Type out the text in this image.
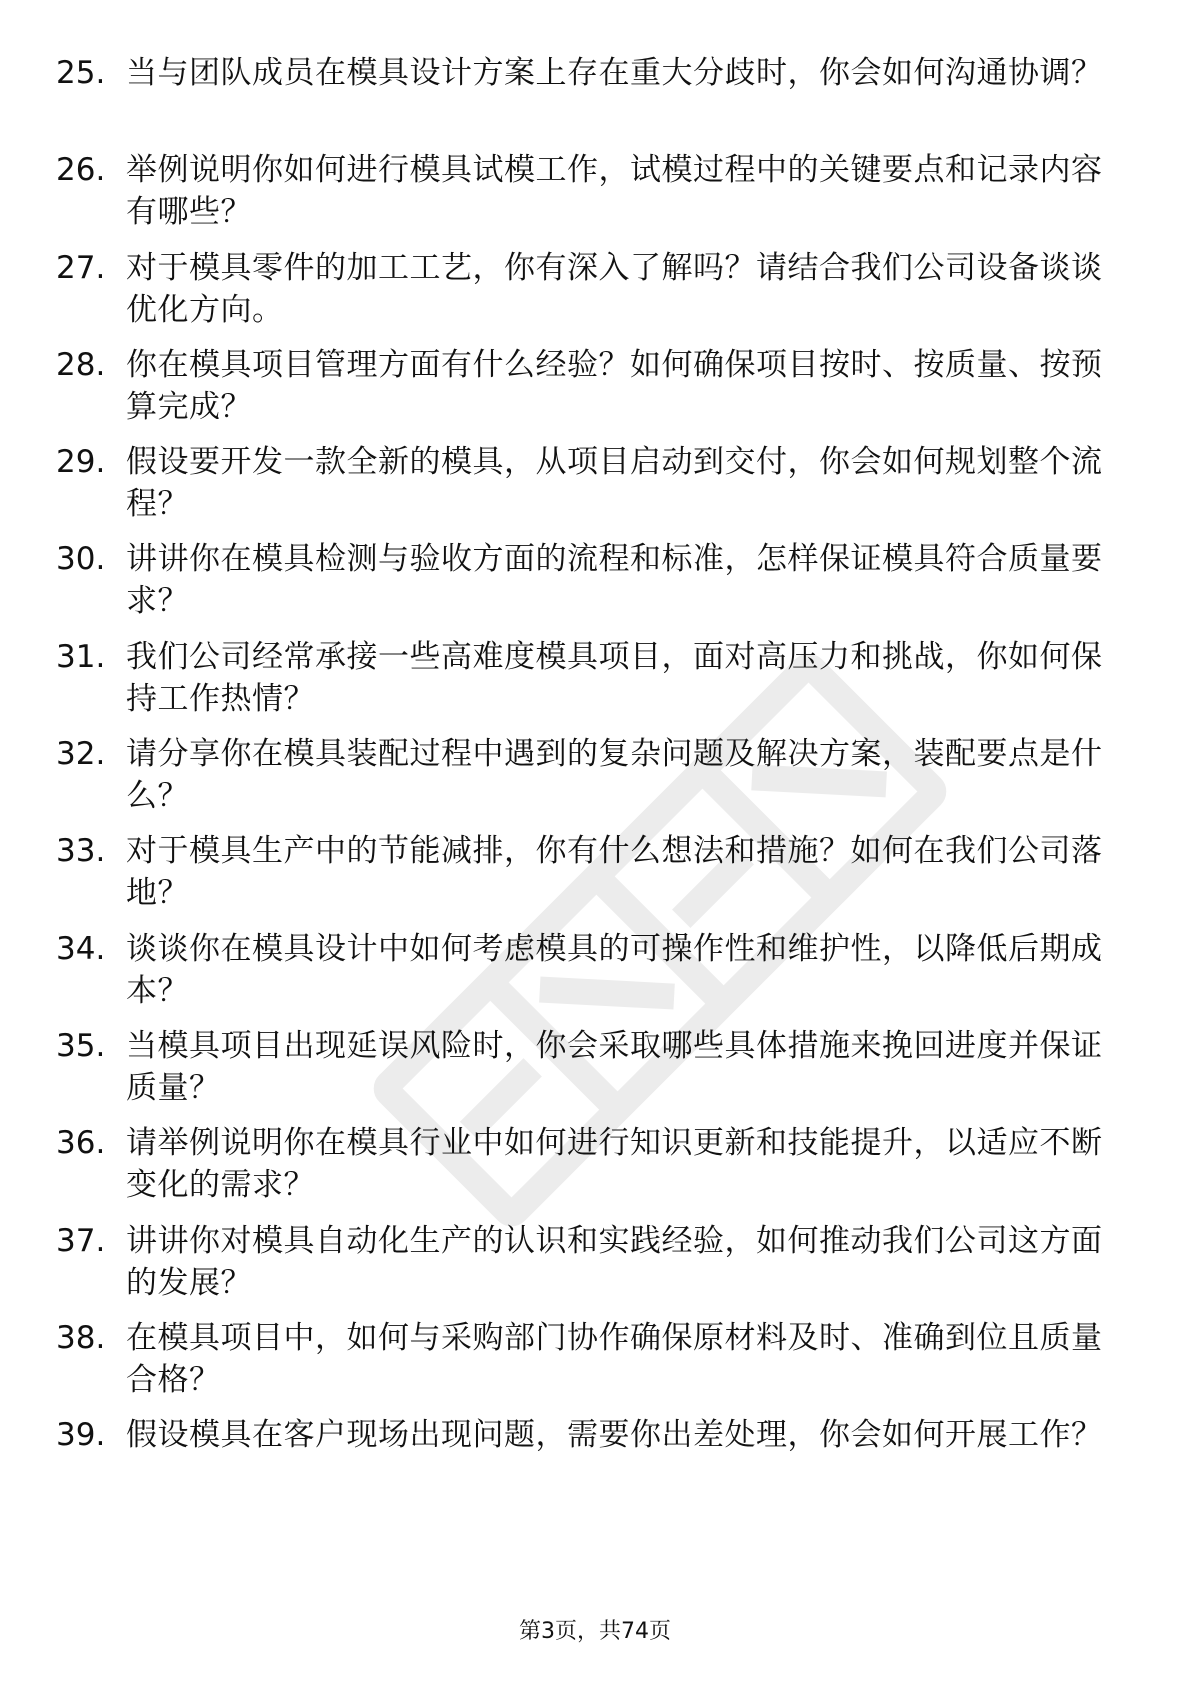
25. 当与团队成员在模具设计方案上存在重大分歧时，你会如何沟通协调？
26. 举例说明你如何进行模具试模工作，试模过程中的关键要点和记录内容有哪些？
27. 对于模具零件的加工工艺，你有深入了解吗？请结合我们公司设备谈谈优化方向。
28. 你在模具项目管理方面有什么经验？如何确保项目按时、按质量、按预算完成？
29. 假设要开发一款全新的模具，从项目启动到交付，你会如何规划整个流程？
30. 讲讲你在模具检测与验收方面的流程和标准，怎样保证模具符合质量要求？
31. 我们公司经常承接一些高难度模具项目，面对高压力和挑战，你如何保持工作热情？
32. 请分享你在模具装配过程中遇到的复杂问题及解决方案，装配要点是什么？
33. 对于模具生产中的节能减排，你有什么想法和措施？如何在我们公司落地？
34. 谈谈你在模具设计中如何考虑模具的可操作性和维护性，以降低后期成本？
35. 当模具项目出现延误风险时，你会采取哪些具体措施来挽回进度并保证质量？
36. 请举例说明你在模具行业中如何进行知识更新和技能提升，以适应不断变化的需求？
37. 讲讲你对模具自动化生产的认识和实践经验，如何推动我们公司这方面的发展？
38. 在模具项目中，如何与采购部门协作确保原材料及时、准确到位且质量合格？
39. 假设模具在客户现场出现问题，需要你出差处理，你会如何开展工作？
第3页，共74页
